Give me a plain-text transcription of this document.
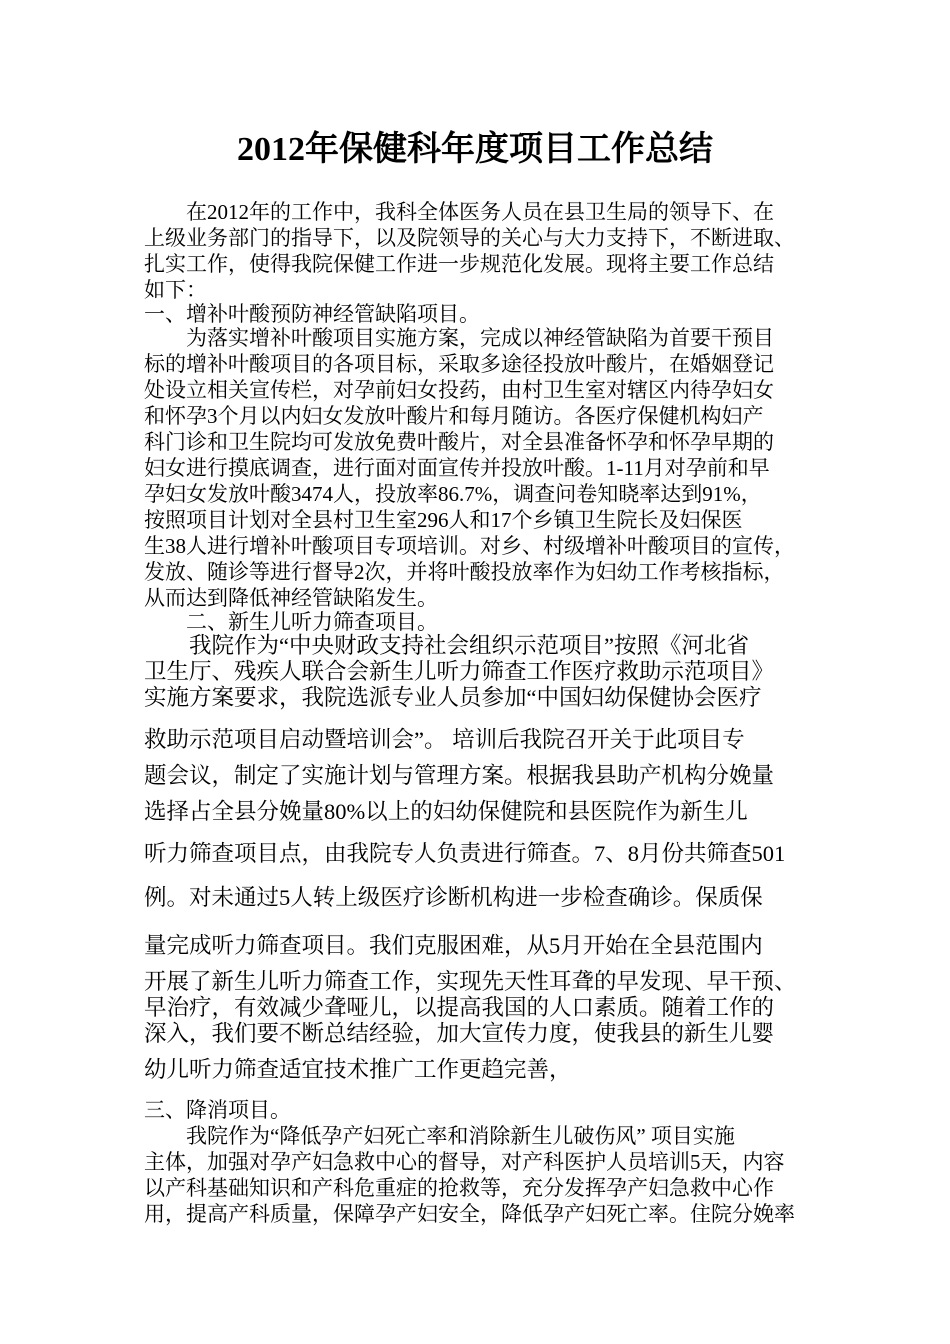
2012年保健科年度项目工作总结

　　在2012年的工作中，我科全体医务人员在县卫生局的领导下、在

上级业务部门的指导下，以及院领导的关心与大力支持下，不断进取、

扎实工作，使得我院保健工作进一步规范化发展。现将主要工作总结

如下：

一、增补叶酸预防神经管缺陷项目。

　　为落实增补叶酸项目实施方案，完成以神经管缺陷为首要干预目

标的增补叶酸项目的各项目标，采取多途径投放叶酸片，在婚姻登记

处设立相关宣传栏，对孕前妇女投药，由村卫生室对辖区内待孕妇女

和怀孕3个月以内妇女发放叶酸片和每月随访。各医疗保健机构妇产

科门诊和卫生院均可发放免费叶酸片，对全县准备怀孕和怀孕早期的

妇女进行摸底调查，进行面对面宣传并投放叶酸。1-11月对孕前和早

孕妇女发放叶酸3474人，投放率86.7%，调查问卷知晓率达到91%，

按照项目计划对全县村卫生室296人和17个乡镇卫生院长及妇保医

生38人进行增补叶酸项目专项培训。对乡、村级增补叶酸项目的宣传，

发放、随诊等进行督导2次，并将叶酸投放率作为妇幼工作考核指标，

从而达到降低神经管缺陷发生。

　　二、新生儿听力筛查项目。

　　我院作为“中央财政支持社会组织示范项目”按照《河北省

卫生厅、残疾人联合会新生儿听力筛查工作医疗救助示范项目》

实施方案要求，我院选派专业人员参加“中国妇幼保健协会医疗

救助示范项目启动暨培训会”。 培训后我院召开关于此项目专

题会议，制定了实施计划与管理方案。根据我县助产机构分娩量

选择占全县分娩量80%以上的妇幼保健院和县医院作为新生儿

听力筛查项目点，由我院专人负责进行筛查。7、8月份共筛查501

例。对未通过5人转上级医疗诊断机构进一步检查确诊。保质保

量完成听力筛查项目。我们克服困难，从5月开始在全县范围内

开展了新生儿听力筛查工作，实现先天性耳聋的早发现、早干预、

早治疗，有效减少聋哑儿，以提高我国的人口素质。随着工作的

深入，我们要不断总结经验，加大宣传力度，使我县的新生儿婴

幼儿听力筛查适宜技术推广工作更趋完善，

三、降消项目。

　　我院作为“降低孕产妇死亡率和消除新生儿破伤风” 项目实施

主体，加强对孕产妇急救中心的督导，对产科医护人员培训5天，内容

以产科基础知识和产科危重症的抢救等，充分发挥孕产妇急救中心作

用，提高产科质量，保障孕产妇安全，降低孕产妇死亡率。住院分娩率
